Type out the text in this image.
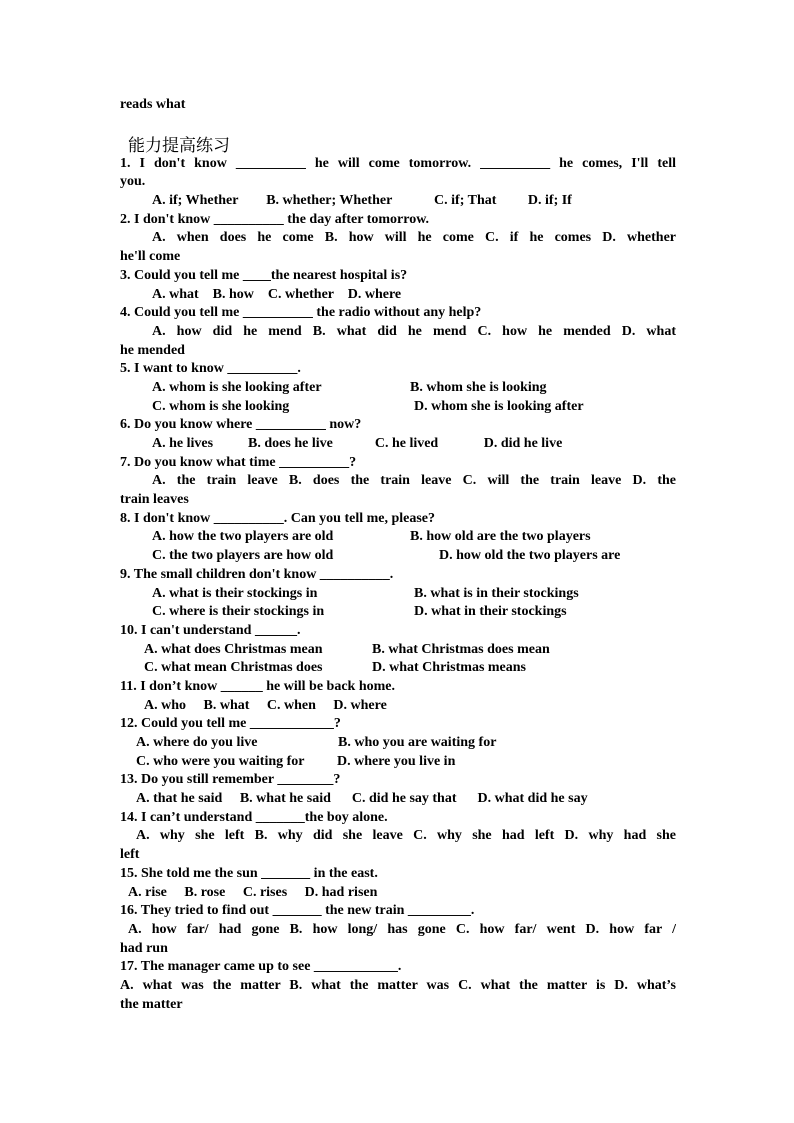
reads what
能力提高练习
1. I don't know __________ he will come tomorrow. __________ he comes, I'll tell
you.
A. if; Whether        B. whether; Whether            C. if; That         D. if; If
2. I don't know __________ the day after tomorrow.
A. when does he come B. how will he come C. if he comes D. whether
he'll come
3. Could you tell me ____the nearest hospital is?
A. what    B. how    C. whether    D. where
4. Could you tell me __________ the radio without any help?
A. how did he mend B. what did he mend C. how he mended D. what
he mended
5. I want to know __________.
A. whom is she looking after	B. whom she is looking
C. whom is she looking	D. whom she is looking after
6. Do you know where __________ now?
A. he lives          B. does he live            C. he lived             D. did he live
7. Do you know what time __________?
A. the train leave B. does the train leave C. will the train leave D. the
train leaves
8. I don't know __________. Can you tell me, please?
A. how the two players are old	B. how old are the two players
C. the two players are how old	D. how old the two players are
9. The small children don't know __________.
A. what is their stockings in	B. what is in their stockings
C. where is their stockings in	D. what in their stockings
10. I can't understand ______.
A. what does Christmas mean	B. what Christmas does mean
C. what mean Christmas does	D. what Christmas means
11. I don’t know ______ he will be back home.
A. who     B. what     C. when     D. where
12. Could you tell me ____________?
A. where do you live	B. who you are waiting for
C. who were you waiting for D. where you live in
13. Do you still remember ________?
A. that he said     B. what he said      C. did he say that      D. what did he say
14. I can’t understand _______the boy alone.
A. why she left B. why did she leave C. why she had left D. why had she
left
15. She told me the sun _______ in the east.
A. rise     B. rose     C. rises     D. had risen
16. They tried to find out _______ the new train _________.
A. how far/ had gone B. how long/ has gone C. how far/ went D. how far /
had run
17. The manager came up to see ____________.
A. what was the matter B. what the matter was C. what the matter is D. what’s
the matter
